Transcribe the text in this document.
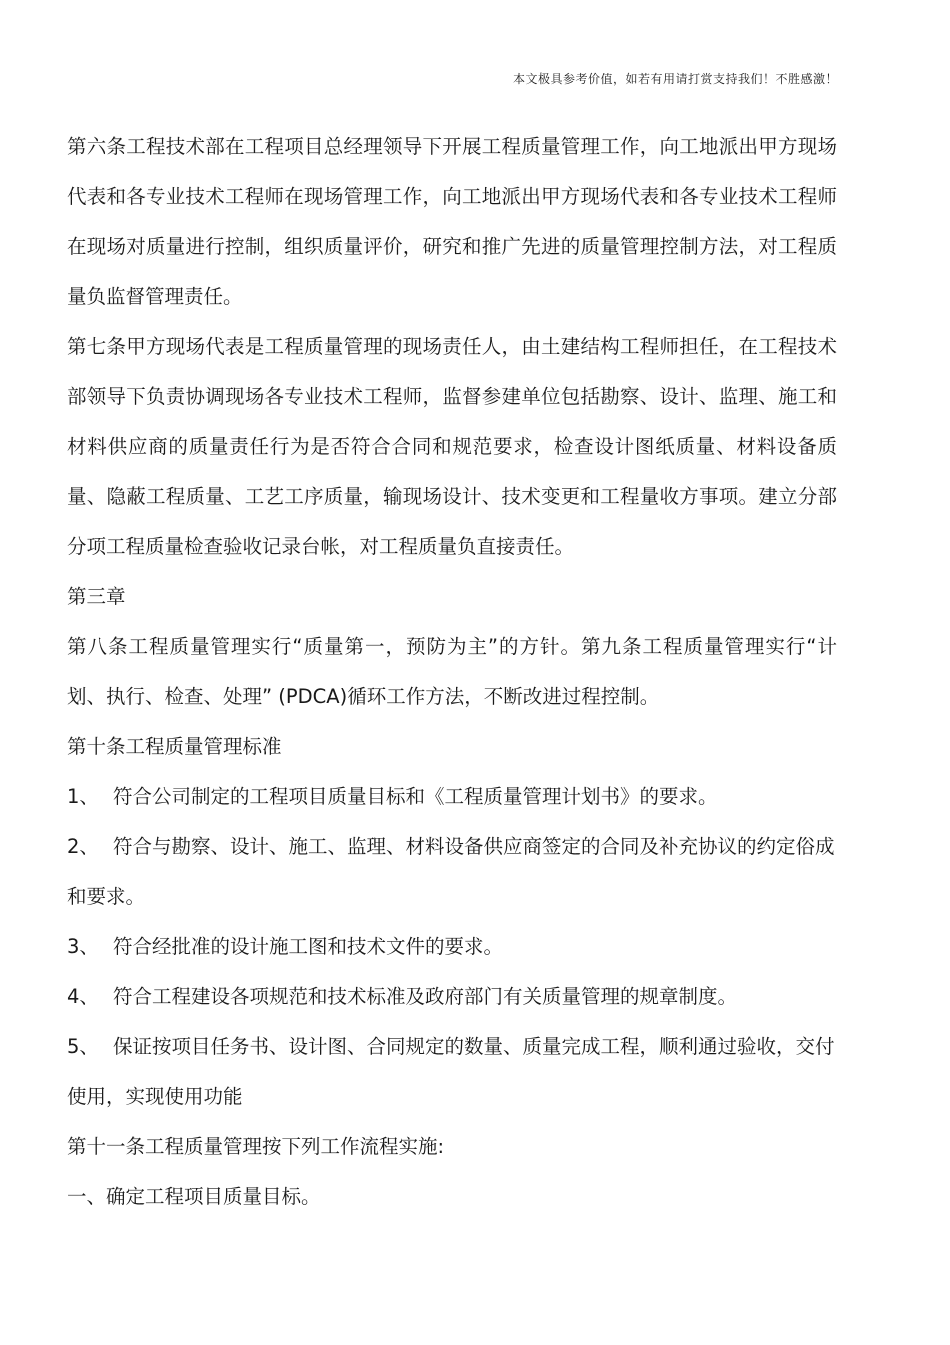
本文极具参考价值，如若有用请打赏支持我们！不胜感激！

第六条工程技术部在工程项目总经理领导下开展工程质量管理工作，向工地派出甲方现场代表和各专业技术工程师在现场管理工作，向工地派出甲方现场代表和各专业技术工程师在现场对质量进行控制，组织质量评价，研究和推广先进的质量管理控制方法，对工程质量负监督管理责任。

第七条甲方现场代表是工程质量管理的现场责任人，由土建结构工程师担任，在工程技术部领导下负责协调现场各专业技术工程师，监督参建单位包括勘察、设计、监理、施工和材料供应商的质量责任行为是否符合合同和规范要求，检查设计图纸质量、材料设备质量、隐蔽工程质量、工艺工序质量，输现场设计、技术变更和工程量收方事项。建立分部分项工程质量检查验收记录台帐，对工程质量负直接责任。

第三章

第八条工程质量管理实行“质量第一，预防为主”的方针。第九条工程质量管理实行“计划、执行、检查、处理” (PDCA)循环工作方法，不断改进过程控制。

第十条工程质量管理标准

1、 符合公司制定的工程项目质量目标和《工程质量管理计划书》的要求。

2、 符合与勘察、设计、施工、监理、材料设备供应商签定的合同及补充协议的约定俗成和要求。

3、 符合经批准的设计施工图和技术文件的要求。

4、 符合工程建设各项规范和技术标准及政府部门有关质量管理的规章制度。

5、 保证按项目任务书、设计图、合同规定的数量、质量完成工程，顺利通过验收，交付使用，实现使用功能

第十一条工程质量管理按下列工作流程实施:

一、确定工程项目质量目标。
